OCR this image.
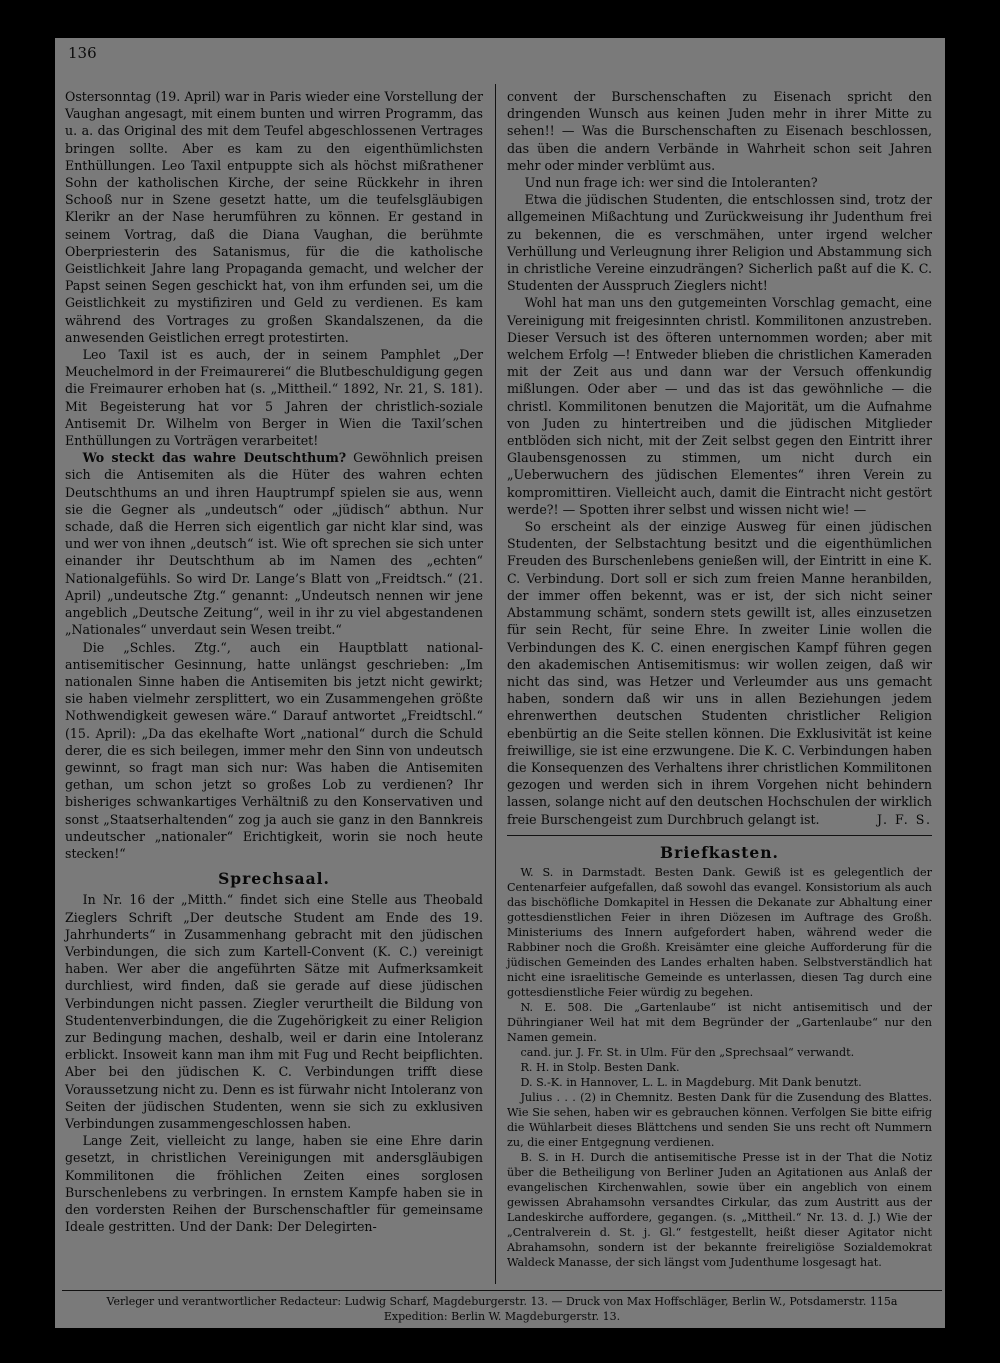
136

Ostersonntag (19. April) war in Paris wieder eine Vorstellung der Vaughan angesagt, mit einem bunten und wirren Programm, das u. a. das Original des mit dem Teufel abgeschlossenen Vertrages bringen sollte. Aber es kam zu den eigenthümlichsten Enthüllungen. Leo Taxil entpuppte sich als höchst mißrathener Sohn der katholischen Kirche, der seine Rückkehr in ihren Schooß nur in Szene gesetzt hatte, um die teufelsgläubigen Klerikr an der Nase herumführen zu können. Er gestand in seinem Vortrag, daß die Diana Vaughan, die berühmte Oberpriesterin des Satanismus, für die die katholische Geistlichkeit Jahre lang Propaganda gemacht, und welcher der Papst seinen Segen geschickt hat, von ihm erfunden sei, um die Geistlichkeit zu mystifiziren und Geld zu verdienen. Es kam während des Vortrages zu großen Skandalszenen, da die anwesenden Geistlichen erregt protestirten.

Leo Taxil ist es auch, der in seinem Pamphlet „Der Meuchelmord in der Freimaurerei“ die Blutbeschuldigung gegen die Freimaurer erhoben hat (s. „Mittheil.“ 1892, Nr. 21, S. 181). Mit Begeisterung hat vor 5 Jahren der christlich-soziale Antisemit Dr. Wilhelm von Berger in Wien die Taxil’schen Enthüllungen zu Vorträgen verarbeitet!

Wo steckt das wahre Deutschthum? Gewöhnlich preisen sich die Antisemiten als die Hüter des wahren echten Deutschthums an und ihren Hauptrumpf spielen sie aus, wenn sie die Gegner als „undeutsch“ oder „jüdisch“ abthun. Nur schade, daß die Herren sich eigentlich gar nicht klar sind, was und wer von ihnen „deutsch“ ist. Wie oft sprechen sie sich unter einander ihr Deutschthum ab im Namen des „echten“ Nationalgefühls. So wird Dr. Lange’s Blatt von „Freidtsch.“ (21. April) „undeutsche Ztg.“ genannt: „Undeutsch nennen wir jene angeblich „Deutsche Zeitung“, weil in ihr zu viel abgestandenen „Nationales“ unverdaut sein Wesen treibt.“

Die „Schles. Ztg.“, auch ein Hauptblatt national-antisemitischer Gesinnung, hatte unlängst geschrieben: „Im nationalen Sinne haben die Antisemiten bis jetzt nicht gewirkt; sie haben vielmehr zersplittert, wo ein Zusammengehen größte Nothwendigkeit gewesen wäre.“ Darauf antwortet „Freidtschl.“ (15. April): „Da das ekelhafte Wort „national“ durch die Schuld derer, die es sich beilegen, immer mehr den Sinn von undeutsch gewinnt, so fragt man sich nur: Was haben die Antisemiten gethan, um schon jetzt so großes Lob zu verdienen? Ihr bisheriges schwankartiges Verhältniß zu den Konservativen und sonst „Staatserhaltenden“ zog ja auch sie ganz in den Bannkreis undeutscher „nationaler“ Erichtigkeit, worin sie noch heute stecken!“

Sprechsaal.

In Nr. 16 der „Mitth.“ findet sich eine Stelle aus Theobald Zieglers Schrift „Der deutsche Student am Ende des 19. Jahrhunderts“ in Zusammenhang gebracht mit den jüdischen Verbindungen, die sich zum Kartell-Convent (K. C.) vereinigt haben. Wer aber die angeführten Sätze mit Aufmerksamkeit durchliest, wird finden, daß sie gerade auf diese jüdischen Verbindungen nicht passen. Ziegler verurtheilt die Bildung von Studentenverbindungen, die die Zugehörigkeit zu einer Religion zur Bedingung machen, deshalb, weil er darin eine Intoleranz erblickt. Insoweit kann man ihm mit Fug und Recht beipflichten. Aber bei den jüdischen K. C. Verbindungen trifft diese Voraussetzung nicht zu. Denn es ist fürwahr nicht Intoleranz von Seiten der jüdischen Studenten, wenn sie sich zu exklusiven Verbindungen zusammengeschlossen haben.

Lange Zeit, vielleicht zu lange, haben sie eine Ehre darin gesetzt, in christlichen Vereinigungen mit andersgläubigen Kommilitonen die fröhlichen Zeiten eines sorglosen Burschenlebens zu verbringen. In ernstem Kampfe haben sie in den vordersten Reihen der Burschenschaftler für gemeinsame Ideale gestritten. Und der Dank: Der Delegirten-

convent der Burschenschaften zu Eisenach spricht den dringenden Wunsch aus keinen Juden mehr in ihrer Mitte zu sehen!! — Was die Burschenschaften zu Eisenach beschlossen, das üben die andern Verbände in Wahrheit schon seit Jahren mehr oder minder verblümt aus.

Und nun frage ich: wer sind die Intoleranten?

Etwa die jüdischen Studenten, die entschlossen sind, trotz der allgemeinen Mißachtung und Zurückweisung ihr Judenthum frei zu bekennen, die es verschmähen, unter irgend welcher Verhüllung und Verleugnung ihrer Religion und Abstammung sich in christliche Vereine einzudrängen? Sicherlich paßt auf die K. C. Studenten der Ausspruch Zieglers nicht!

Wohl hat man uns den gutgemeinten Vorschlag gemacht, eine Vereinigung mit freigesinnten christl. Kommilitonen anzustreben. Dieser Versuch ist des öfteren unternommen worden; aber mit welchem Erfolg —! Entweder blieben die christlichen Kameraden mit der Zeit aus und dann war der Versuch offenkundig mißlungen. Oder aber — und das ist das gewöhnliche — die christl. Kommilitonen benutzen die Majorität, um die Aufnahme von Juden zu hintertreiben und die jüdischen Mitglieder entblöden sich nicht, mit der Zeit selbst gegen den Eintritt ihrer Glaubensgenossen zu stimmen, um nicht durch ein „Ueberwuchern des jüdischen Elementes“ ihren Verein zu kompromittiren. Vielleicht auch, damit die Eintracht nicht gestört werde?! — Spotten ihrer selbst und wissen nicht wie! —

So erscheint als der einzige Ausweg für einen jüdischen Studenten, der Selbstachtung besitzt und die eigenthümlichen Freuden des Burschenlebens genießen will, der Eintritt in eine K. C. Verbindung. Dort soll er sich zum freien Manne heranbilden, der immer offen bekennt, was er ist, der sich nicht seiner Abstammung schämt, sondern stets gewillt ist, alles einzusetzen für sein Recht, für seine Ehre. In zweiter Linie wollen die Verbindungen des K. C. einen energischen Kampf führen gegen den akademischen Antisemitismus: wir wollen zeigen, daß wir nicht das sind, was Hetzer und Verleumder aus uns gemacht haben, sondern daß wir uns in allen Beziehungen jedem ehrenwerthen deutschen Studenten christlicher Religion ebenbürtig an die Seite stellen können. Die Exklusivität ist keine freiwillige, sie ist eine erzwungene. Die K. C. Verbindungen haben die Konsequenzen des Verhaltens ihrer christlichen Kommilitonen gezogen und werden sich in ihrem Vorgehen nicht behindern lassen, solange nicht auf den deutschen Hochschulen der wirklich freie Burschengeist zum Durchbruch gelangt ist.	J. F. S.

Briefkasten.

W. S. in Darmstadt. Besten Dank. Gewiß ist es gelegentlich der Centenarfeier aufgefallen, daß sowohl das evangel. Konsistorium als auch das bischöfliche Domkapitel in Hessen die Dekanate zur Abhaltung einer gottesdienstlichen Feier in ihren Diözesen im Auftrage des Großh. Ministeriums des Innern aufgefordert haben, während weder die Rabbiner noch die Großh. Kreisämter eine gleiche Aufforderung für die jüdischen Gemeinden des Landes erhalten haben. Selbstverständlich hat nicht eine israelitische Gemeinde es unterlassen, diesen Tag durch eine gottesdienstliche Feier würdig zu begehen.

N. E. 508. Die „Gartenlaube“ ist nicht antisemitisch und der Dühringianer Weil hat mit dem Begründer der „Gartenlaube“ nur den Namen gemein.

cand. jur. J. Fr. St. in Ulm. Für den „Sprechsaal“ verwandt.

R. H. in Stolp. Besten Dank.

D. S.-K. in Hannover, L. L. in Magdeburg. Mit Dank benutzt.

Julius . . . (2) in Chemnitz. Besten Dank für die Zusendung des Blattes. Wie Sie sehen, haben wir es gebrauchen können. Verfolgen Sie bitte eifrig die Wühlarbeit dieses Blättchens und senden Sie uns recht oft Nummern zu, die einer Entgegnung verdienen.

B. S. in H. Durch die antisemitische Presse ist in der That die Notiz über die Betheiligung von Berliner Juden an Agitationen aus Anlaß der evangelischen Kirchenwahlen, sowie über ein angeblich von einem gewissen Abrahamsohn versandtes Cirkular, das zum Austritt aus der Landeskirche auffordere, gegangen. (s. „Mittheil.“ Nr. 13. d. J.) Wie der „Centralverein d. St. j. Gl.“ festgestellt, heißt dieser Agitator nicht Abrahamsohn, sondern ist der bekannte freireligiöse Sozialdemokrat Waldeck Manasse, der sich längst vom Judenthume losgesagt hat.

Verleger und verantwortlicher Redacteur: Ludwig Scharf, Magdeburgerstr. 13. — Druck von Max Hoffschläger, Berlin W., Potsdamerstr. 115a
Expedition: Berlin W. Magdeburgerstr. 13.
